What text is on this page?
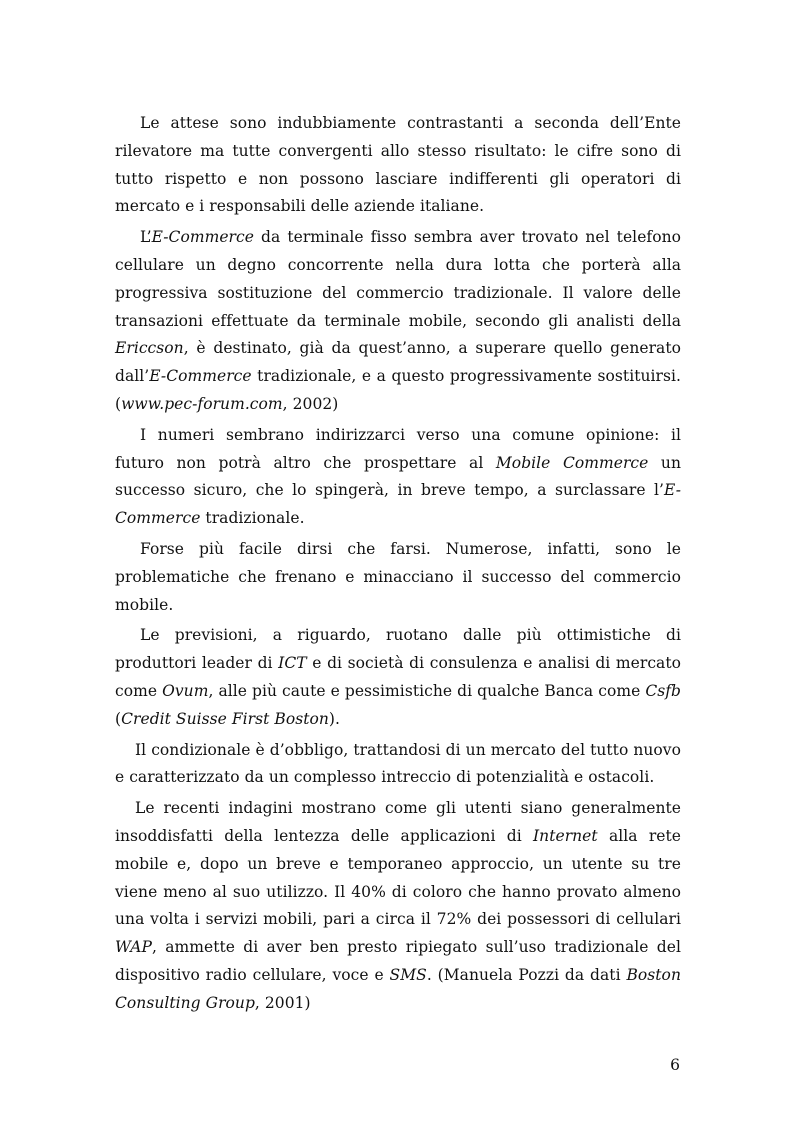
Le attese sono indubbiamente contrastanti a seconda dell’Ente rilevatore ma tutte convergenti allo stesso risultato: le cifre sono di tutto rispetto e non possono lasciare indifferenti gli operatori di mercato e i responsabili delle aziende italiane.

L’E-Commerce da terminale fisso sembra aver trovato nel telefono cellulare un degno concorrente nella dura lotta che porterà alla progressiva sostituzione del commercio tradizionale. Il valore delle transazioni effettuate da terminale mobile, secondo gli analisti della Ericcson, è destinato, già da quest’anno, a superare quello generato dall’E-Commerce tradizionale, e a questo progressivamente sostituirsi. (www.pec-forum.com, 2002)

I numeri sembrano indirizzarci verso una comune opinione: il futuro non potrà altro che prospettare al Mobile Commerce un successo sicuro, che lo spingerà, in breve tempo, a surclassare l’E-Commerce tradizionale.

Forse più facile dirsi che farsi. Numerose, infatti, sono le problematiche che frenano e minacciano il successo del commercio mobile.

Le previsioni, a riguardo, ruotano dalle più ottimistiche di produttori leader di ICT e di società di consulenza e analisi di mercato come Ovum, alle più caute e pessimistiche di qualche Banca come Csfb (Credit Suisse First Boston).

Il condizionale è d’obbligo, trattandosi di un mercato del tutto nuovo e caratterizzato da un complesso intreccio di potenzialità e ostacoli.

Le recenti indagini mostrano come gli utenti siano generalmente insoddisfatti della lentezza delle applicazioni di Internet alla rete mobile e, dopo un breve e temporaneo approccio, un utente su tre viene meno al suo utilizzo. Il 40% di coloro che hanno provato almeno una volta i servizi mobili, pari a circa il 72% dei possessori di cellulari WAP, ammette di aver ben presto ripiegato sull’uso tradizionale del dispositivo radio cellulare, voce e SMS. (Manuela Pozzi da dati Boston Consulting Group, 2001)

6
